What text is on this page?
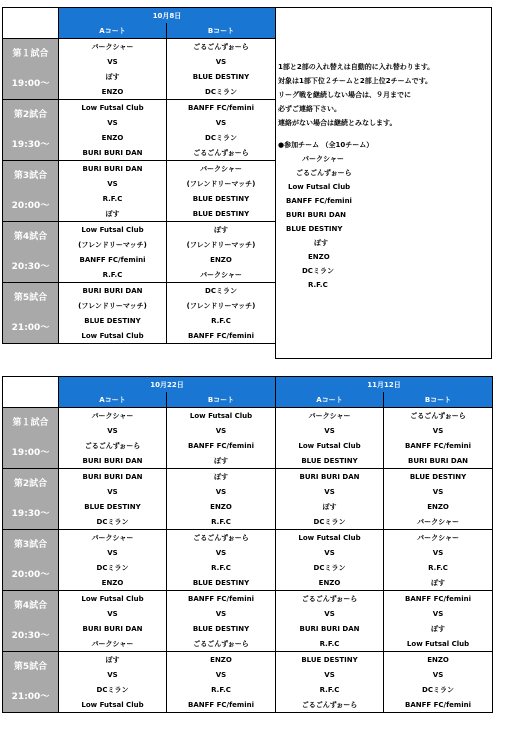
	10月8日		
	Aコート	Bコート	
第１試合	パークシャー	ごるごんずぉーら	
	VS	VS	
19:00〜	ぽす	BLUE DESTINY	
	ENZO	DCミラン	
第2試合	Low Futsal Club	BANFF FC/femini	
	VS	VS	
19:30〜	ENZO	DCミラン	
	BURI BURI DAN	ごるごんずぉーら	
第3試合	BURI BURI DAN	パークシャー	
	VS	(フレンドリーマッチ)	
20:00〜	R.F.C	BLUE DESTINY	
	ぽす	BLUE DESTINY	
第4試合	Low Futsal Club	ぽす	
	(フレンドリーマッチ)	(フレンドリーマッチ)	
20:30〜	BANFF FC/femini	ENZO	
	R.F.C	パークシャー	
第5試合	BURI BURI DAN	DCミラン	
	(フレンドリーマッチ)	(フレンドリーマッチ)	
21:00〜	BLUE DESTINY	R.F.C	
	Low Futsal Club	BANFF FC/femini	
1部と2部の入れ替えは自動的に入れ替わります。
対象は1部下位２チームと2部上位2チームです。
リーグ戦を継続しない場合は、９月までに
必ずご連絡下さい。
連絡がない場合は継続とみなします。
●参加チーム （全10チーム）
パークシャー
ごるごんずぉーら
Low Futsal Club
BANFF FC/femini
BURI BURI DAN
BLUE DESTINY
ぽす
ENZO
DCミラン
R.F.C
	10月22日		11月12日	
	Aコート	Bコート	Aコート	Bコート
第１試合	パークシャー	Low Futsal Club	パークシャー	ごるごんずぉーら
	VS	VS	VS	VS
19:00〜	ごるごんずぉーら	BANFF FC/femini	Low Futsal Club	BANFF FC/femini
	BURI BURI DAN	ぽす	BLUE DESTINY	BURI BURI DAN
第2試合	BURI BURI DAN	ぽす	BURI BURI DAN	BLUE DESTINY
	VS	VS	VS	VS
19:30〜	BLUE DESTINY	ENZO	ぽす	ENZO
	DCミラン	R.F.C	DCミラン	パークシャー
第3試合	パークシャー	ごるごんずぉーら	Low Futsal Club	パークシャー
	VS	VS	VS	VS
20:00〜	DCミラン	R.F.C	DCミラン	R.F.C
	ENZO	BLUE DESTINY	ENZO	ぽす
第4試合	Low Futsal Club	BANFF FC/femini	ごるごんずぉーら	BANFF FC/femini
	VS	VS	VS	VS
20:30〜	BURI BURI DAN	BLUE DESTINY	BURI BURI DAN	ぽす
	パークシャー	ごるごんずぉーら	R.F.C	Low Futsal Club
第5試合	ぽす	ENZO	BLUE DESTINY	ENZO
	VS	VS	VS	VS
21:00〜	DCミラン	R.F.C	R.F.C	DCミラン
	Low Futsal Club	BANFF FC/femini	ごるごんずぉーら	BANFF FC/femini
